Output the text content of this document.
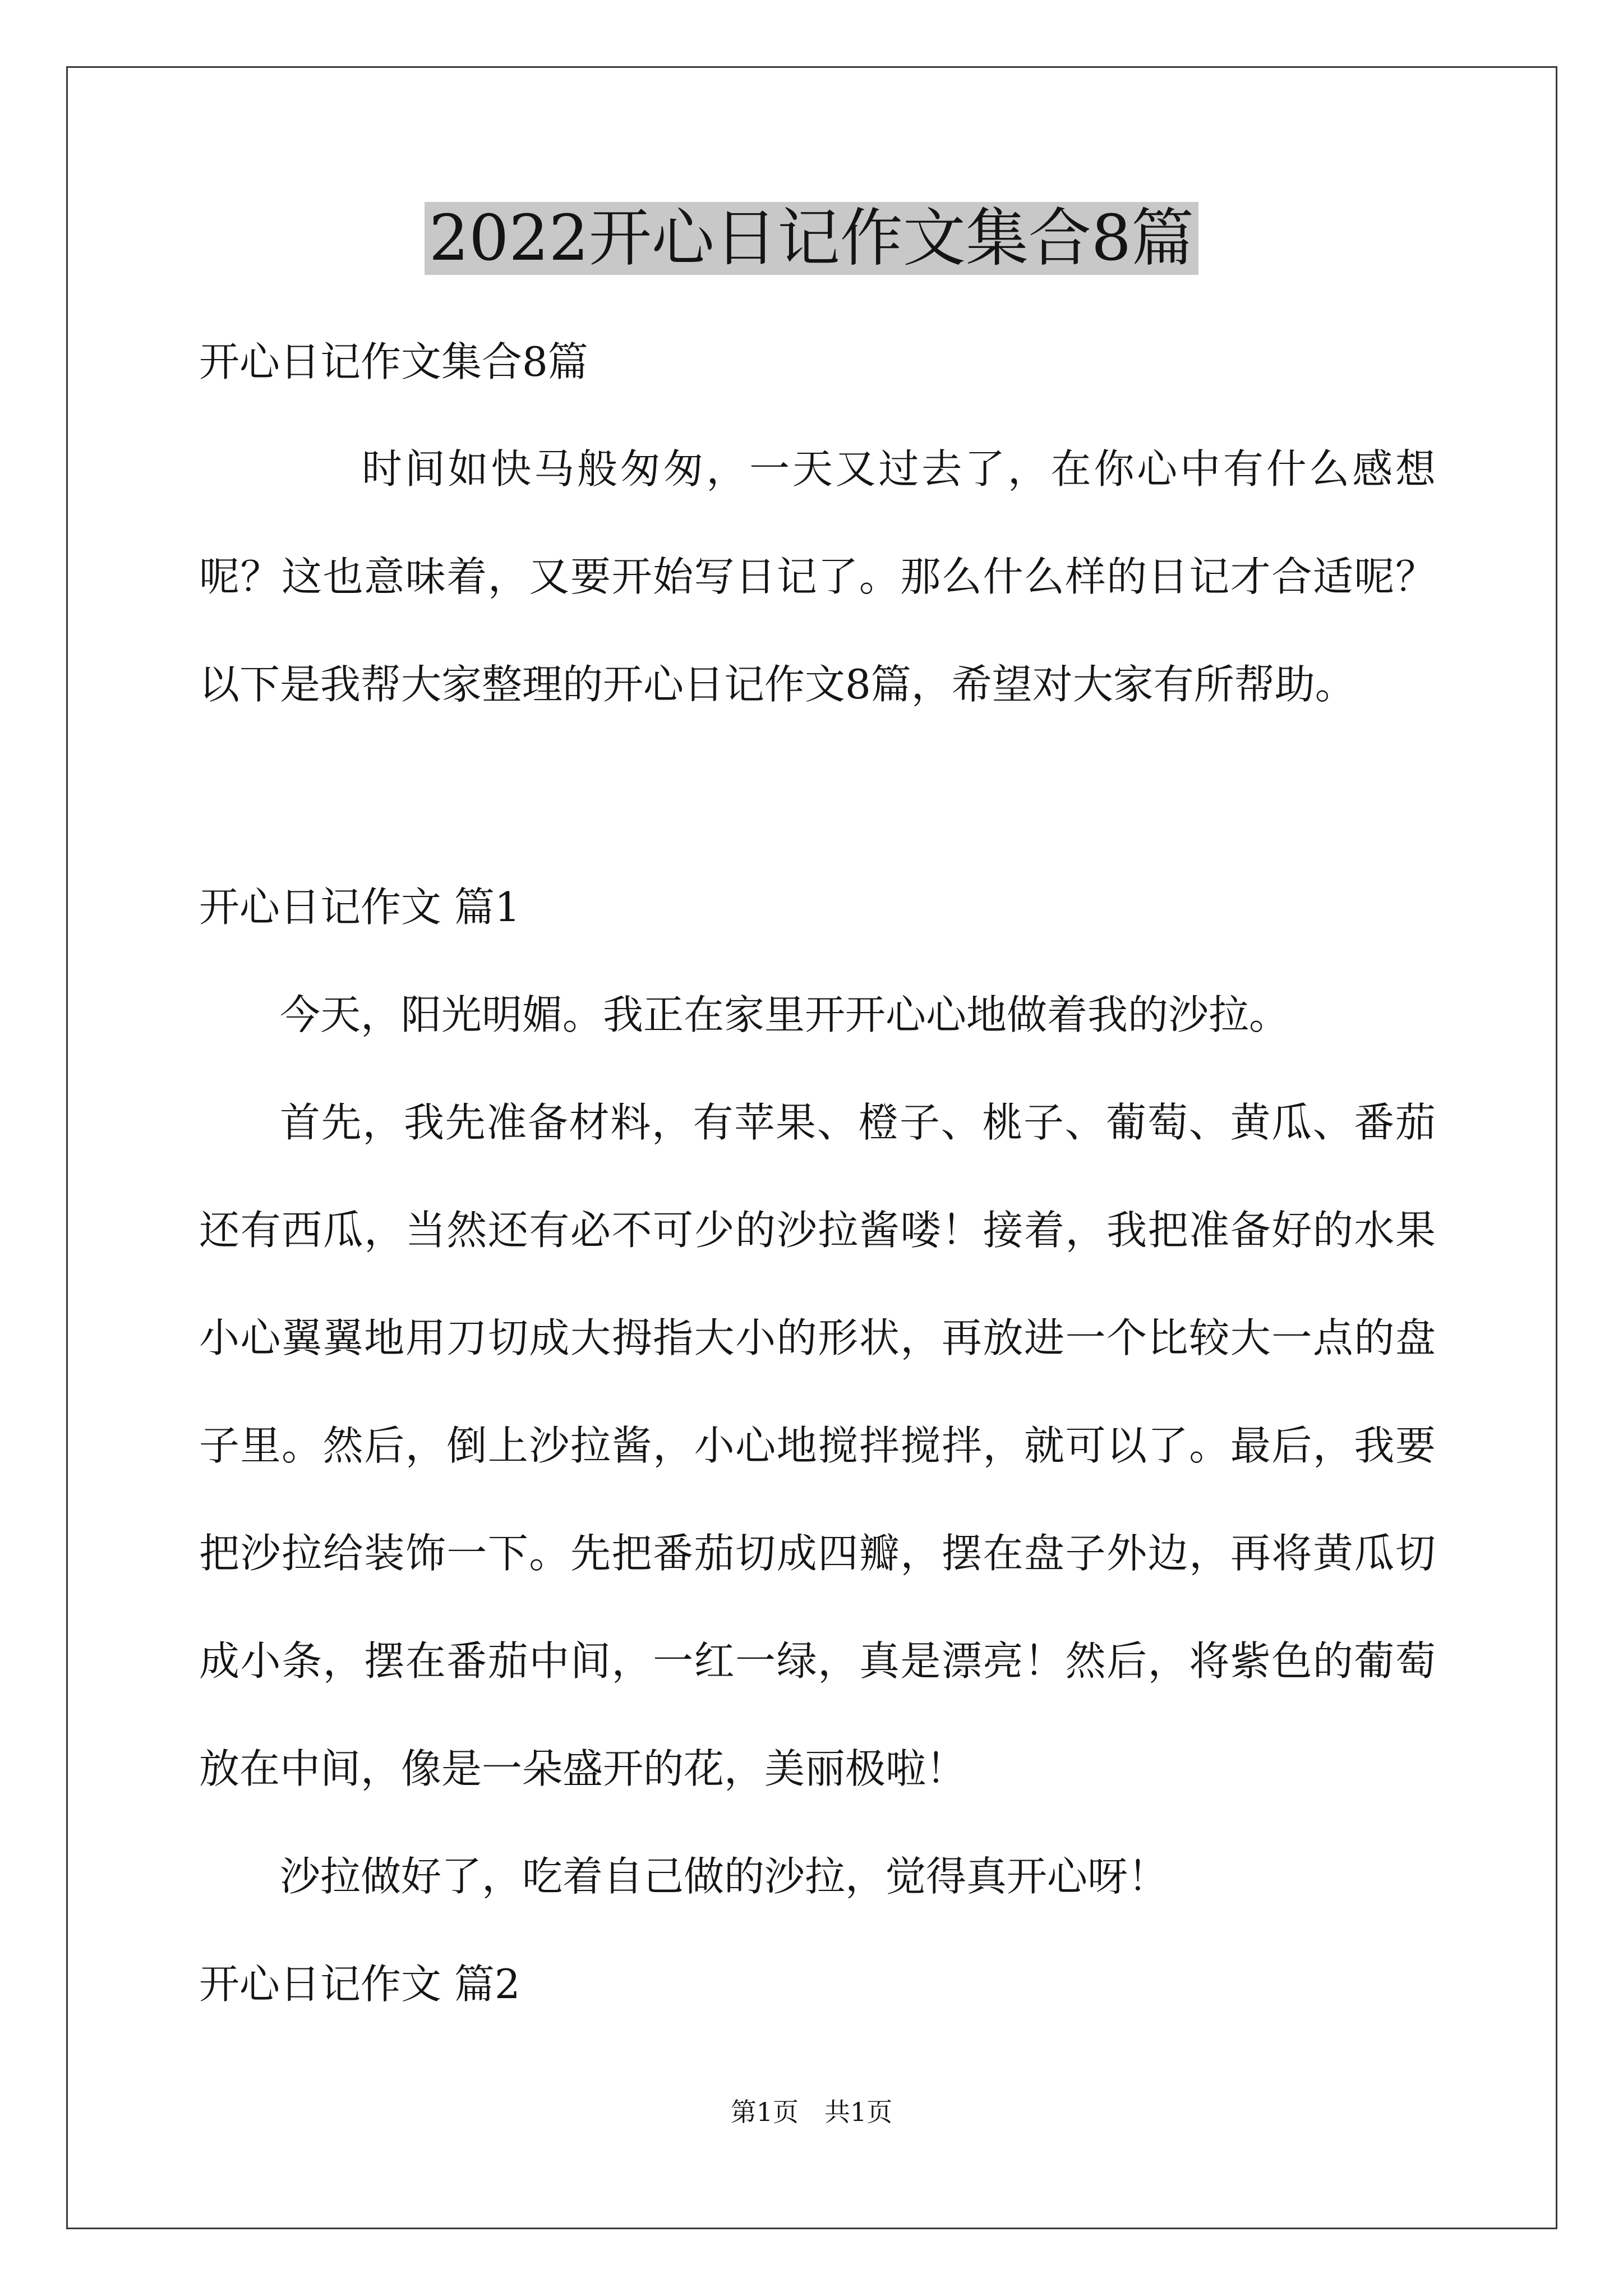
2022开心日记作文集合8篇

开心日记作文集合8篇

时间如快马般匆匆，一天又过去了，在你心中有什么感想呢？这也意味着，又要开始写日记了。那么什么样的日记才合适呢？以下是我帮大家整理的开心日记作文8篇，希望对大家有所帮助。

开心日记作文 篇1

今天，阳光明媚。我正在家里开开心心地做着我的沙拉。

首先，我先准备材料，有苹果、橙子、桃子、葡萄、黄瓜、番茄还有西瓜，当然还有必不可少的沙拉酱喽！接着，我把准备好的水果小心翼翼地用刀切成大拇指大小的形状，再放进一个比较大一点的盘子里。然后，倒上沙拉酱，小心地搅拌搅拌，就可以了。最后，我要把沙拉给装饰一下。先把番茄切成四瓣，摆在盘子外边，再将黄瓜切成小条，摆在番茄中间，一红一绿，真是漂亮！然后，将紫色的葡萄放在中间，像是一朵盛开的花，美丽极啦！

沙拉做好了，吃着自己做的沙拉，觉得真开心呀！

开心日记作文 篇2

第1页　共1页
